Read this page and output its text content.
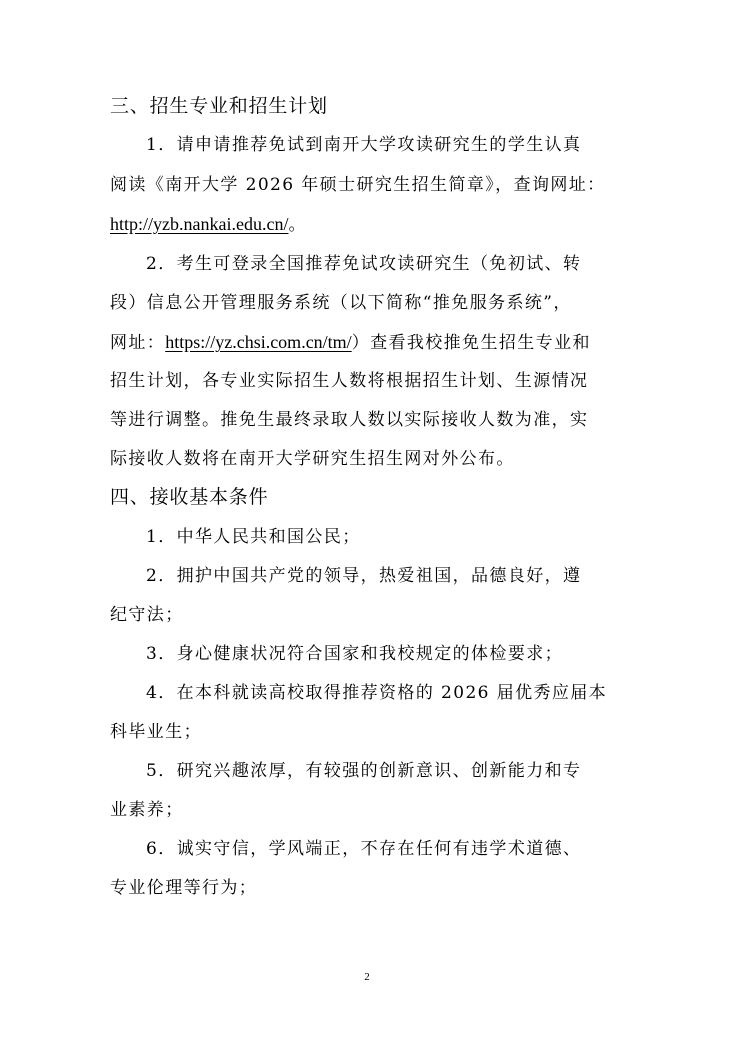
三、招生专业和招生计划
1．请申请推荐免试到南开大学攻读研究生的学生认真
阅读《南开大学 2026 年硕士研究生招生简章》，查询网址：
http://yzb.nankai.edu.cn/。
2．考生可登录全国推荐免试攻读研究生（免初试、转
段）信息公开管理服务系统（以下简称“推免服务系统”，
网址：https://yz.chsi.com.cn/tm/）查看我校推免生招生专业和
招生计划，各专业实际招生人数将根据招生计划、生源情况
等进行调整。推免生最终录取人数以实际接收人数为准，实
际接收人数将在南开大学研究生招生网对外公布。
四、接收基本条件
1．中华人民共和国公民；
2．拥护中国共产党的领导，热爱祖国，品德良好，遵
纪守法；
3．身心健康状况符合国家和我校规定的体检要求；
4．在本科就读高校取得推荐资格的 2026 届优秀应届本
科毕业生；
5．研究兴趣浓厚，有较强的创新意识、创新能力和专
业素养；
6．诚实守信，学风端正，不存在任何有违学术道德、
专业伦理等行为；
2
